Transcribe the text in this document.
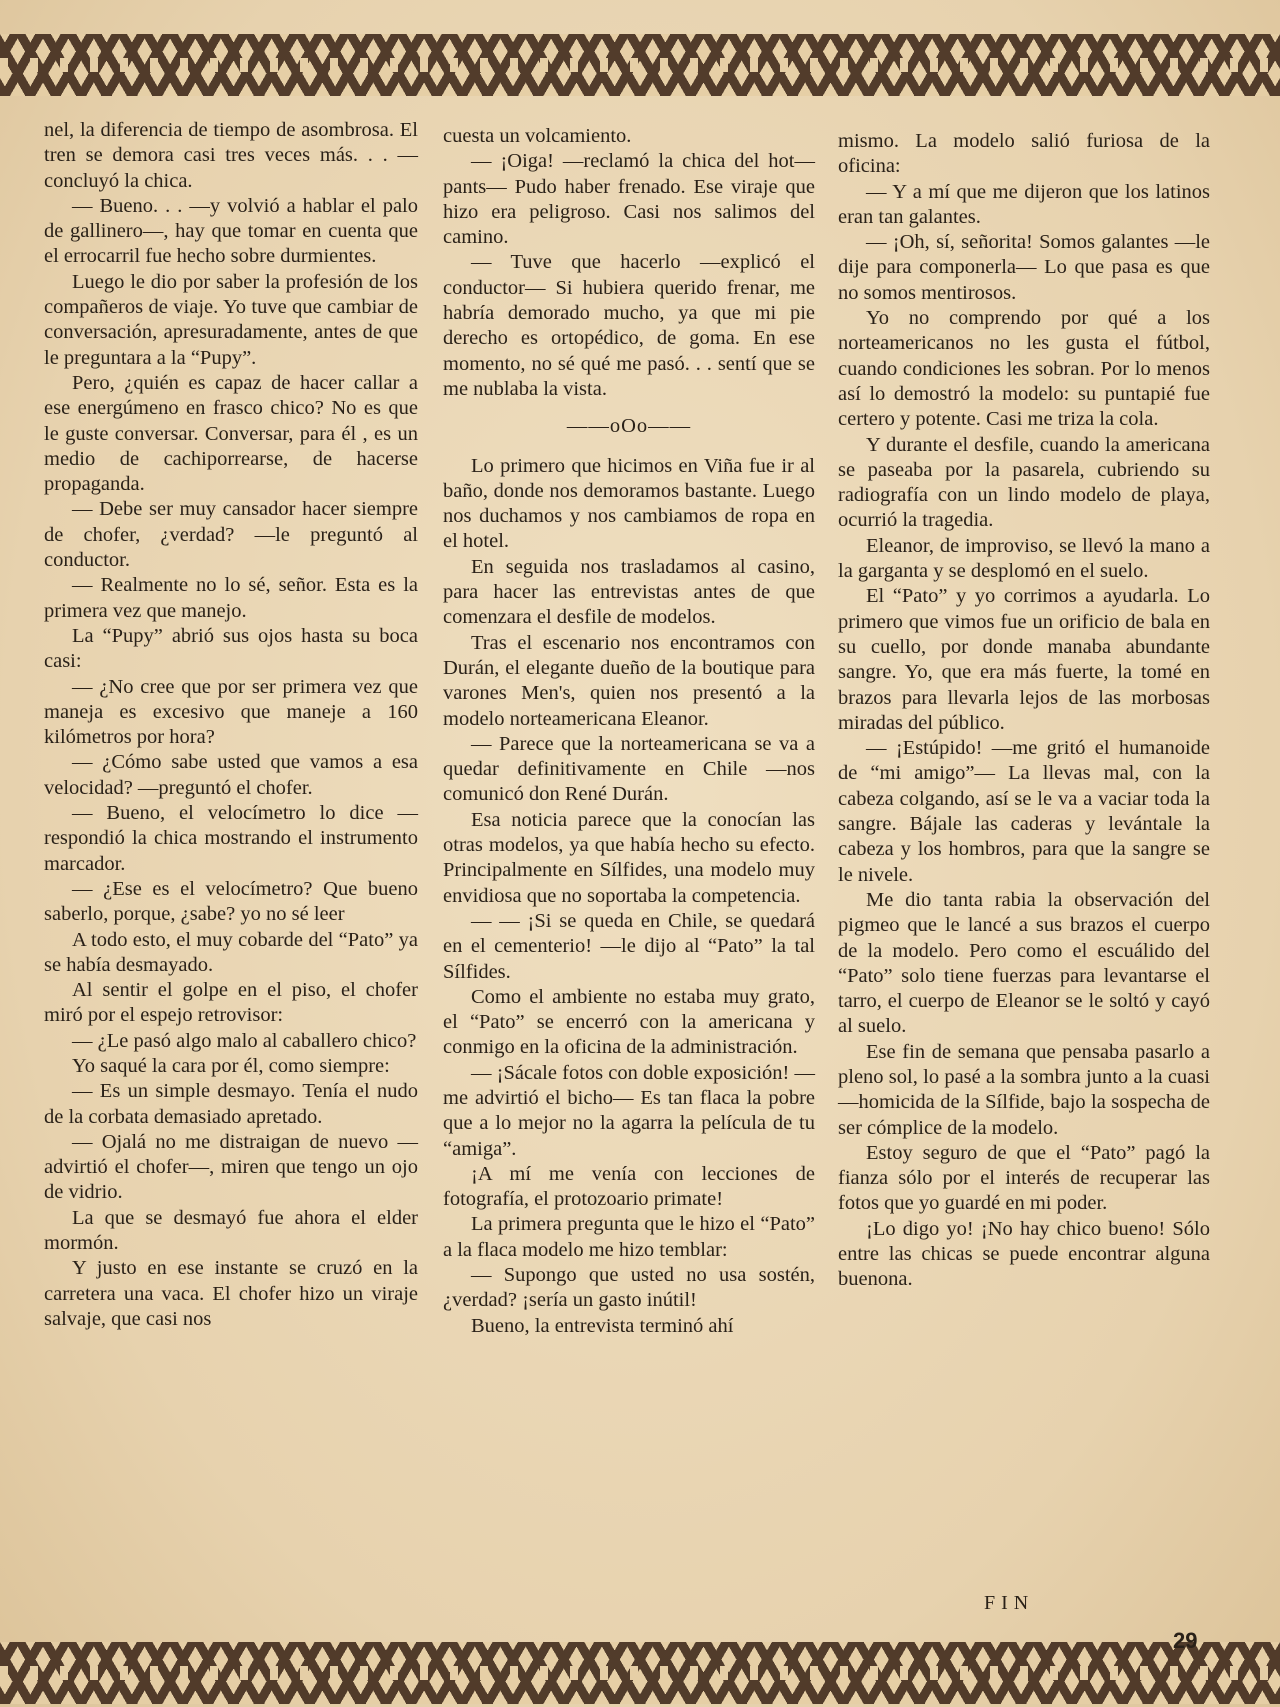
nel, la diferencia de tiempo de asombrosa. El tren se demora casi tres veces más. . . —concluyó la chica.

— Bueno. . . —y volvió a hablar el palo de gallinero—, hay que tomar en cuenta que el errocarril fue hecho sobre durmientes.

Luego le dio por saber la profesión de los compañeros de viaje. Yo tuve que cambiar de conversación, apresuradamente, antes de que le preguntara a la “Pupy”.

Pero, ¿quién es capaz de hacer callar a ese energúmeno en frasco chico? No es que le guste conversar. Conversar, para él , es un medio de cachiporrearse, de hacerse propaganda.

— Debe ser muy cansador hacer siempre de chofer, ¿verdad? —le preguntó al conductor.

— Realmente no lo sé, señor. Esta es la primera vez que manejo.

La “Pupy” abrió sus ojos hasta su boca casi:

— ¿No cree que por ser primera vez que maneja es excesivo que maneje a 160 kilómetros por hora?

— ¿Cómo sabe usted que vamos a esa velocidad? —preguntó el chofer.

— Bueno, el velocímetro lo dice —respondió la chica mostrando el instrumento marcador.

— ¿Ese es el velocímetro? Que bueno saberlo, porque, ¿sabe? yo no sé leer

A todo esto, el muy cobarde del “Pato” ya se había desmayado.

Al sentir el golpe en el piso, el chofer miró por el espejo retrovisor:

— ¿Le pasó algo malo al caballero chico?

Yo saqué la cara por él, como siempre:

— Es un simple desmayo. Tenía el nudo de la corbata demasiado apretado.

— Ojalá no me distraigan de nuevo —advirtió el chofer—, miren que tengo un ojo de vidrio.

La que se desmayó fue ahora el elder mormón.

Y justo en ese instante se cruzó en la carretera una vaca. El chofer hizo un viraje salvaje, que casi nos

cuesta un volcamiento.

— ¡Oiga! —reclamó la chica del hot—pants— Pudo haber frenado. Ese viraje que hizo era peligroso. Casi nos salimos del camino.

— Tuve que hacerlo —explicó el conductor— Si hubiera querido frenar, me habría demorado mucho, ya que mi pie derecho es ortopédico, de goma. En ese momento, no sé qué me pasó. . . sentí que se me nublaba la vista.

——oOo——

Lo primero que hicimos en Viña fue ir al baño, donde nos demoramos bastante. Luego nos duchamos y nos cambiamos de ropa en el hotel.

En seguida nos trasladamos al casino, para hacer las entrevistas antes de que comenzara el desfile de modelos.

Tras el escenario nos encontramos con Durán, el elegante dueño de la boutique para varones Men's, quien nos presentó a la modelo norteamericana Eleanor.

— Parece que la norteamericana se va a quedar definitivamente en Chile —nos comunicó don René Durán.

Esa noticia parece que la conocían las otras modelos, ya que había hecho su efecto. Principalmente en Sílfides, una modelo muy envidiosa que no soportaba la competencia.

— — ¡Si se queda en Chile, se quedará en el cementerio! —le dijo al “Pato” la tal Sílfides.

Como el ambiente no estaba muy grato, el “Pato” se encerró con la americana y conmigo en la oficina de la administración.

— ¡Sácale fotos con doble exposición! —me advirtió el bicho— Es tan flaca la pobre que a lo mejor no la agarra la película de tu “amiga”.

¡A mí me venía con lecciones de fotografía, el protozoario primate!

La primera pregunta que le hizo el “Pato” a la flaca modelo me hizo temblar:

— Supongo que usted no usa sostén, ¿verdad? ¡sería un gasto inútil!

Bueno, la entrevista terminó ahí

mismo. La modelo salió furiosa de la oficina:

— Y a mí que me dijeron que los latinos eran tan galantes.

— ¡Oh, sí, señorita! Somos galantes —le dije para componerla— Lo que pasa es que no somos mentirosos.

Yo no comprendo por qué a los norteamericanos no les gusta el fútbol, cuando condiciones les sobran. Por lo menos así lo demostró la modelo: su puntapié fue certero y potente. Casi me triza la cola.

Y durante el desfile, cuando la americana se paseaba por la pasarela, cubriendo su radiografía con un lindo modelo de playa, ocurrió la tragedia.

Eleanor, de improviso, se llevó la mano a la garganta y se desplomó en el suelo.

El “Pato” y yo corrimos a ayudarla. Lo primero que vimos fue un orificio de bala en su cuello, por donde manaba abundante sangre. Yo, que era más fuerte, la tomé en brazos para llevarla lejos de las morbosas miradas del público.

— ¡Estúpido! —me gritó el humanoide de “mi amigo”— La llevas mal, con la cabeza colgando, así se le va a vaciar toda la sangre. Bájale las caderas y levántale la cabeza y los hombros, para que la sangre se le nivele.

Me dio tanta rabia la observación del pigmeo que le lancé a sus brazos el cuerpo de la modelo. Pero como el escuálido del “Pato” solo tiene fuerzas para levantarse el tarro, el cuerpo de Eleanor se le soltó y cayó al suelo.

Ese fin de semana que pensaba pasarlo a pleno sol, lo pasé a la sombra junto a la cuasi—homicida de la Sílfide, bajo la sospecha de ser cómplice de la modelo.

Estoy seguro de que el “Pato” pagó la fianza sólo por el interés de recuperar las fotos que yo guardé en mi poder.

¡Lo digo yo! ¡No hay chico bueno! Sólo entre las chicas se puede encontrar alguna buenona.

FIN
29
